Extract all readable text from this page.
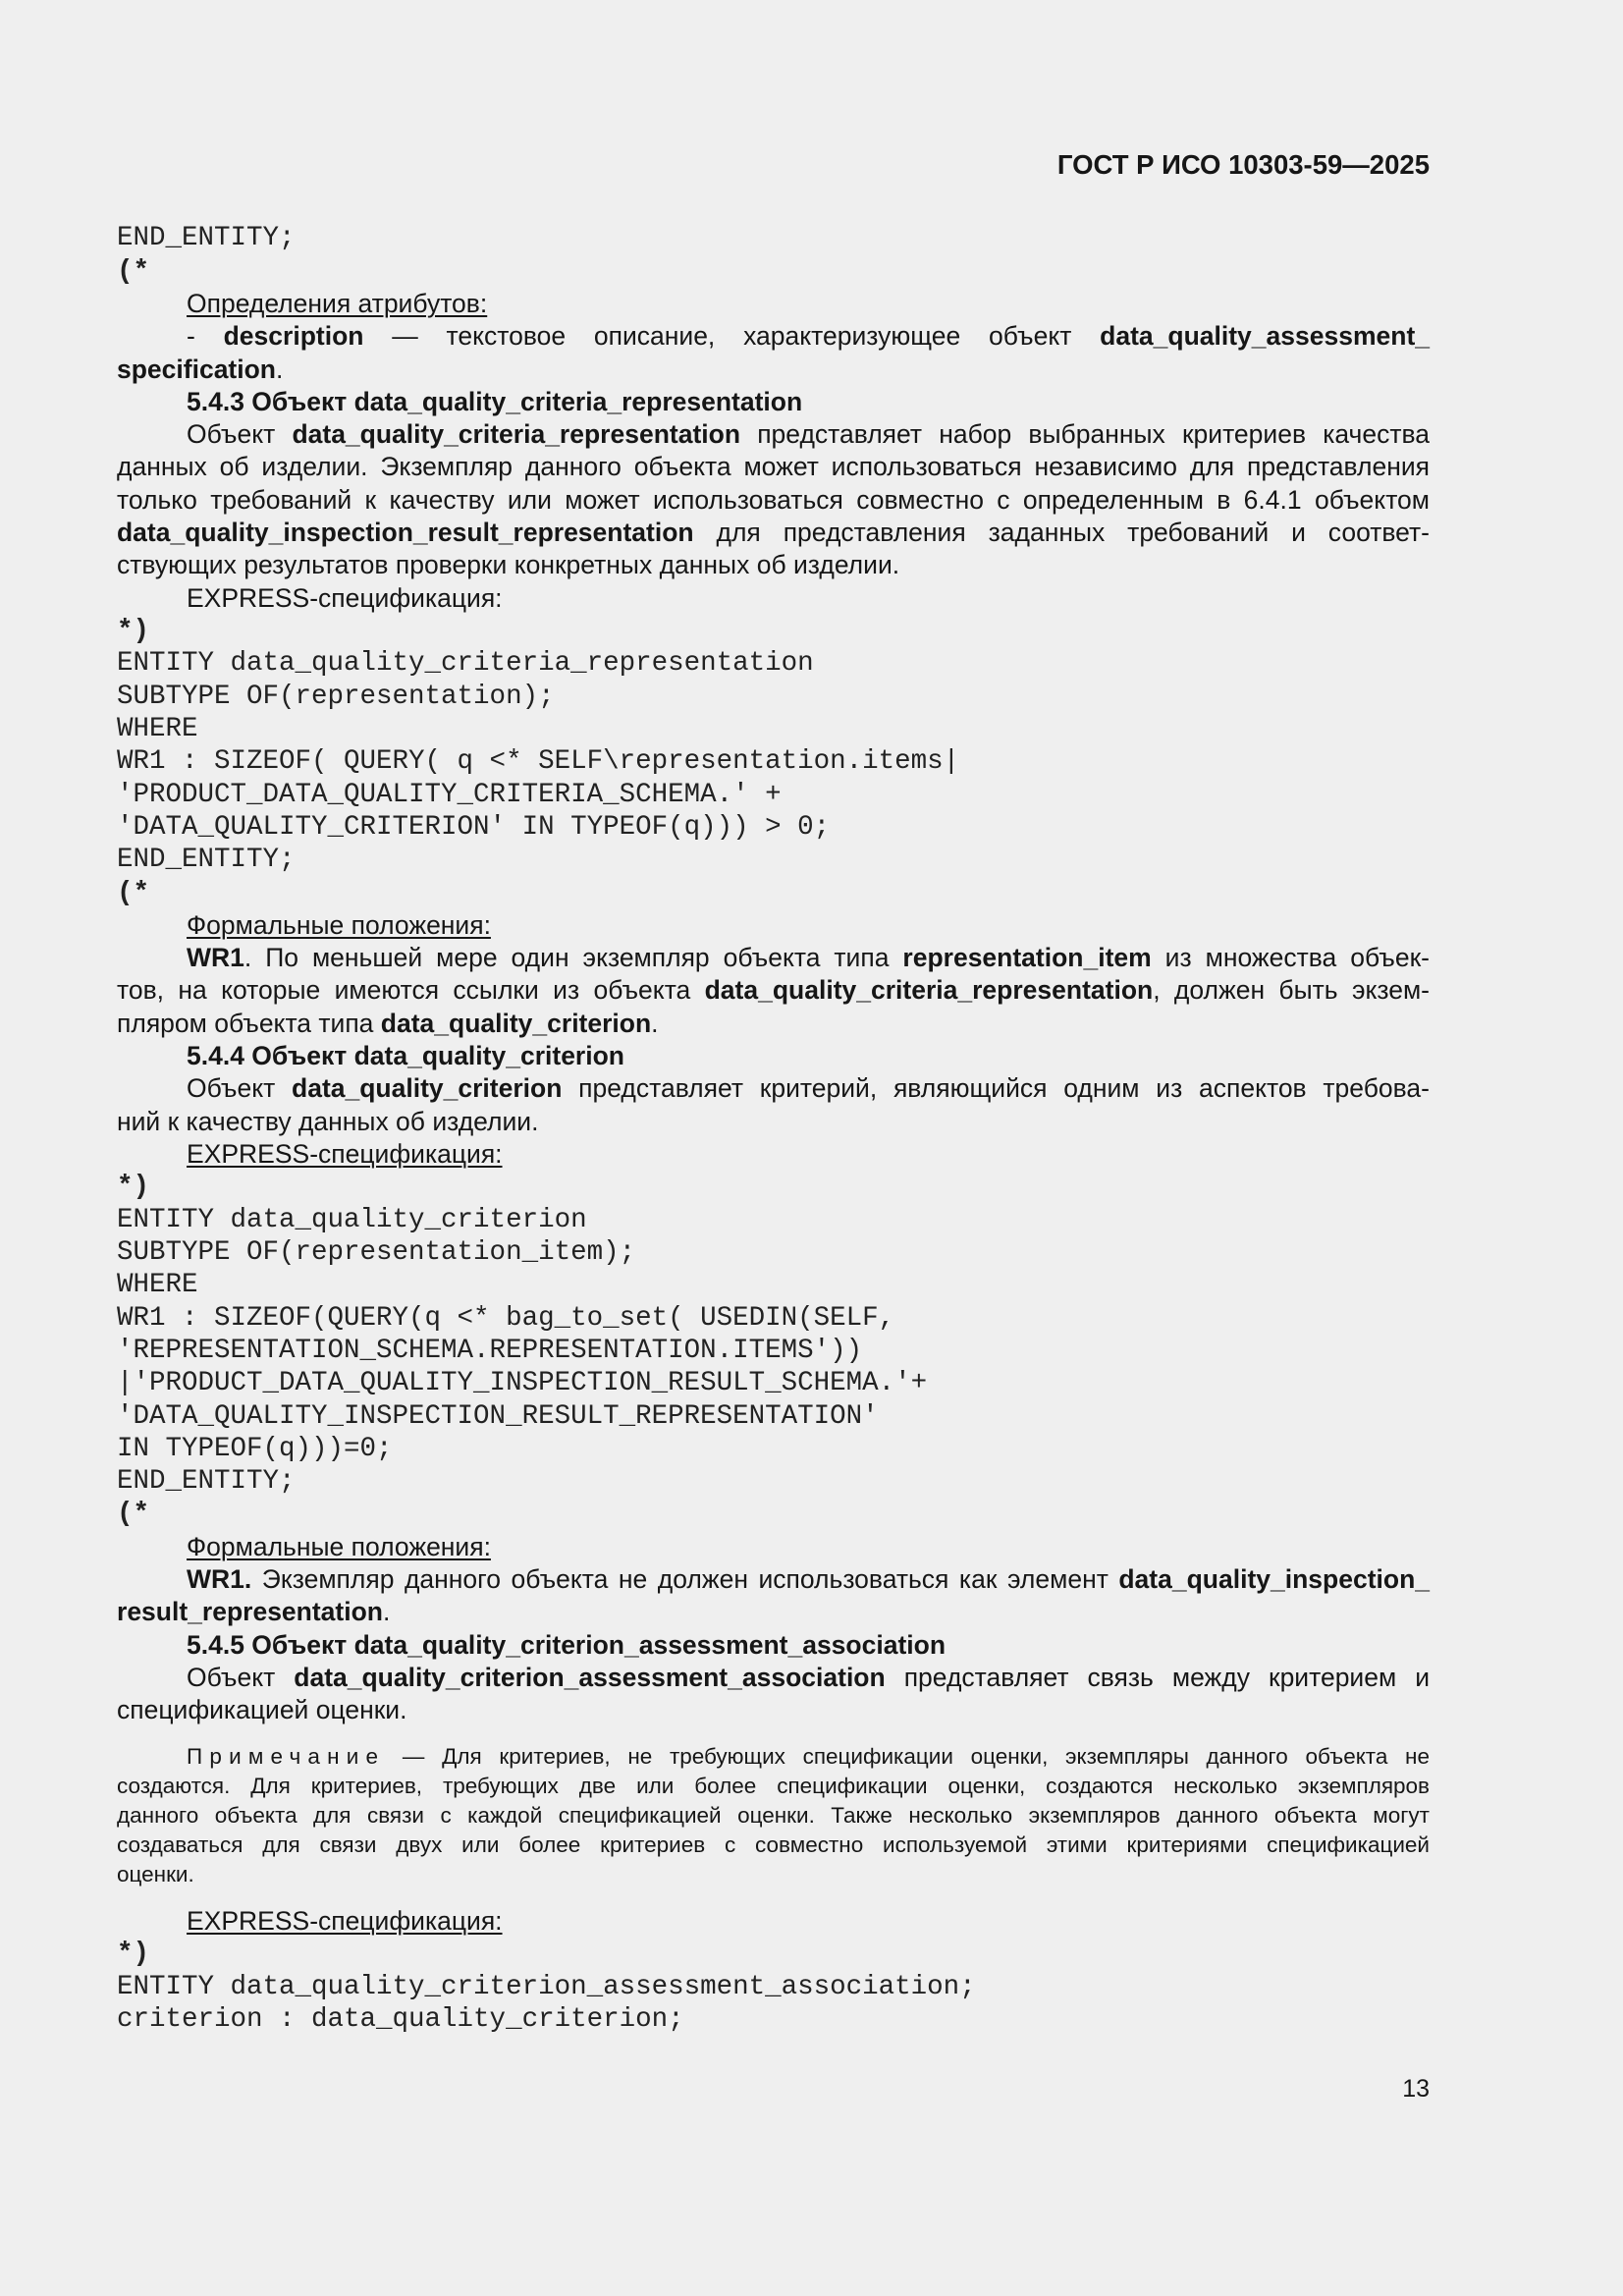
ГОСТ Р ИСО 10303-59—2025
END_ENTITY;
(*
Определения атрибутов:
- description — текстовое описание, характеризующее объект data_quality_assessment_
specification.
5.4.3 Объект data_quality_criteria_representation
Объект data_quality_criteria_representation представляет набор выбранных критериев качества
данных об изделии. Экземпляр данного объекта может использоваться независимо для представления
только требований к качеству или может использоваться совместно с определенным в 6.4.1 объектом
data_quality_inspection_result_representation для представления заданных требований и соответ-
ствующих результатов проверки конкретных данных об изделии.
EXPRESS-спецификация:
*)
ENTITY data_quality_criteria_representation
SUBTYPE OF(representation);
WHERE
WR1 : SIZEOF( QUERY( q <* SELF\representation.items|
'PRODUCT_DATA_QUALITY_CRITERIA_SCHEMA.' +
'DATA_QUALITY_CRITERION' IN TYPEOF(q))) > 0;
END_ENTITY;
(*
Формальные положения:
WR1. По меньшей мере один экземпляр объекта типа representation_item из множества объек-
тов, на которые имеются ссылки из объекта data_quality_criteria_representation, должен быть экзем-
пляром объекта типа data_quality_criterion.
5.4.4 Объект data_quality_criterion
Объект data_quality_criterion представляет критерий, являющийся одним из аспектов требова-
ний к качеству данных об изделии.
EXPRESS-спецификация:
*)
ENTITY data_quality_criterion
SUBTYPE OF(representation_item);
WHERE
WR1 : SIZEOF(QUERY(q <* bag_to_set( USEDIN(SELF,
'REPRESENTATION_SCHEMA.REPRESENTATION.ITEMS'))
|'PRODUCT_DATA_QUALITY_INSPECTION_RESULT_SCHEMA.'+
'DATA_QUALITY_INSPECTION_RESULT_REPRESENTATION'
IN TYPEOF(q)))=0;
END_ENTITY;
(*
Формальные положения:
WR1. Экземпляр данного объекта не должен использоваться как элемент data_quality_inspection_
result_representation.
5.4.5 Объект data_quality_criterion_assessment_association
Объект data_quality_criterion_assessment_association представляет связь между критерием и
спецификацией оценки.
Примечание — Для критериев, не требующих спецификации оценки, экземпляры данного объекта не
создаются. Для критериев, требующих две или более спецификации оценки, создаются несколько экземпляров
данного объекта для связи с каждой спецификацией оценки. Также несколько экземпляров данного объекта могут
создаваться для связи двух или более критериев с совместно используемой этими критериями спецификацией
оценки.
EXPRESS-спецификация:
*)
ENTITY data_quality_criterion_assessment_association;
criterion : data_quality_criterion;
13
